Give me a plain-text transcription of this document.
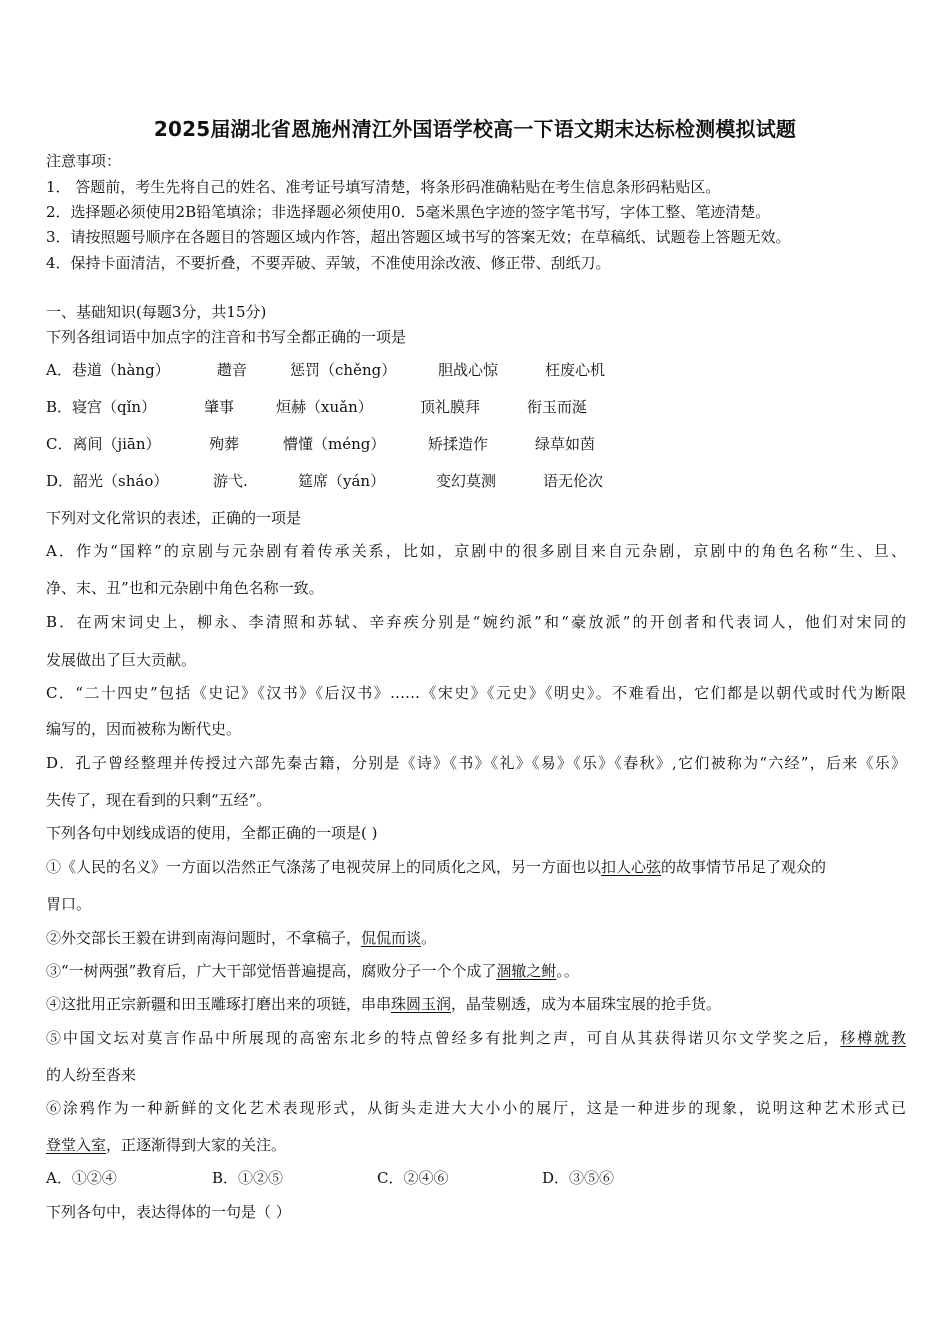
2025届湖北省恩施州清江外国语学校高一下语文期末达标检测模拟试题
注意事项：
1． 答题前，考生先将自己的姓名、准考证号填写清楚，将条形码准确粘贴在考生信息条形码粘贴区。
2．选择题必须使用2B铅笔填涂；非选择题必须使用0．5毫米黑色字迹的签字笔书写，字体工整、笔迹清楚。
3．请按照题号顺序在各题目的答题区域内作答，超出答题区域书写的答案无效；在草稿纸、试题卷上答题无效。
4．保持卡面清洁，不要折叠，不要弄破、弄皱，不准使用涂改液、修正带、刮纸刀。
一、基础知识(每题3分，共15分)
下列各组词语中加点字的注音和书写全都正确的一项是
A．巷道（hàng）	趱音	惩罚（chěng）	胆战心惊	枉废心机
B．寝宫（qǐn）	肇事	烜赫（xuǎn）	顶礼膜拜	衔玉而涎
C．离间（jiān）	殉葬	懵懂（méng）	矫揉造作	绿草如茵
D．韶光（sháo）	游弋.	筵席（yán）	变幻莫测	语无伦次
下列对文化常识的表述，正确的一项是
A．作为“国粹”的京剧与元杂剧有着传承关系，比如，京剧中的很多剧目来自元杂剧，京剧中的角色名称“生、旦、
净、末、丑”也和元杂剧中角色名称一致。
B．在两宋词史上，柳永、李清照和苏轼、辛弃疾分别是“婉约派”和“豪放派”的开创者和代表词人，他们对宋同的
发展做出了巨大贡献。
C．“二十四史”包括《史记》《汉书》《后汉书》……《宋史》《元史》《明史》。不难看出，它们都是以朝代或时代为断限
编写的，因而被称为断代史。
D．孔子曾经整理并传授过六部先秦古籍，分别是《诗》《书》《礼》《易》《乐》《春秋》,它们被称为“六经”，后来《乐》
失传了，现在看到的只剩“五经”。
下列各句中划线成语的使用，全都正确的一项是( )
①《人民的名义》一方面以浩然正气涤荡了电视荧屏上的同质化之风，另一方面也以扣人心弦的故事情节吊足了观众的
胃口。
②外交部长王毅在讲到南海问题时，不拿稿子，侃侃而谈。
③“一树两强”教育后，广大干部觉悟普遍提高，腐败分子一个个成了涸辙之鲋。。
④这批用正宗新疆和田玉雕琢打磨出来的项链，串串珠圆玉润，晶莹剔透，成为本届珠宝展的抢手货。
⑤中国文坛对莫言作品中所展现的高密东北乡的特点曾经多有批判之声，可自从其获得诺贝尔文学奖之后，移樽就教
的人纷至沓来
⑥涂鸦作为一种新鲜的文化艺术表现形式，从街头走进大大小小的展厅，这是一种进步的现象，说明这种艺术形式已
登堂入室，正逐渐得到大家的关注。
A．①②④	B．①②⑤	C．②④⑥	D．③⑤⑥
下列各句中，表达得体的一句是（ ）
